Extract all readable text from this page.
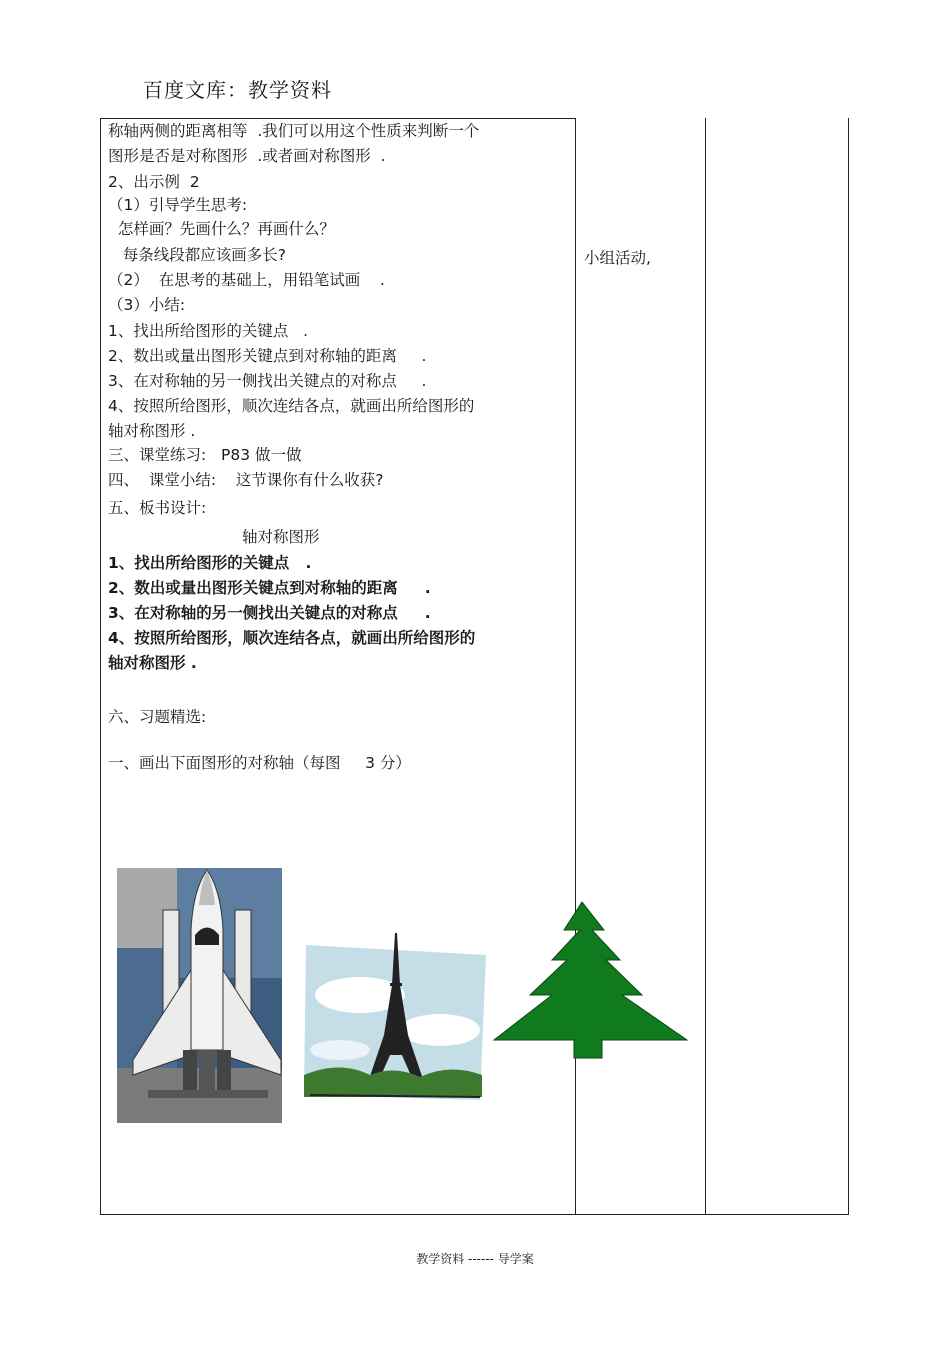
百度文库：教学资料
称轴两侧的距离相等  .我们可以用这个性质来判断一个
图形是否是对称图形  .或者画对称图形  .
2、出示例  2
（1）引导学生思考:
怎样画？先画什么？再画什么？
每条线段都应该画多长?
（2）  在思考的基础上，用铅笔试画    .
（3）小结:
1、找出所给图形的关键点   .
2、数出或量出图形关键点到对称轴的距离     .
3、在对称轴的另一侧找出关键点的对称点     .
4、按照所给图形，顺次连结各点，就画出所给图形的
轴对称图形 .
三、课堂练习:   P83 做一做
四、  课堂小结:    这节课你有什么收获?
五、板书设计:
轴对称图形
1、找出所给图形的关键点   .
2、数出或量出图形关键点到对称轴的距离     .
3、在对称轴的另一侧找出关键点的对称点     .
4、按照所给图形，顺次连结各点，就画出所给图形的
轴对称图形 .
六、习题精选:
一、画出下面图形的对称轴（每图     3 分）
小组活动,
教学资料 ------ 导学案
